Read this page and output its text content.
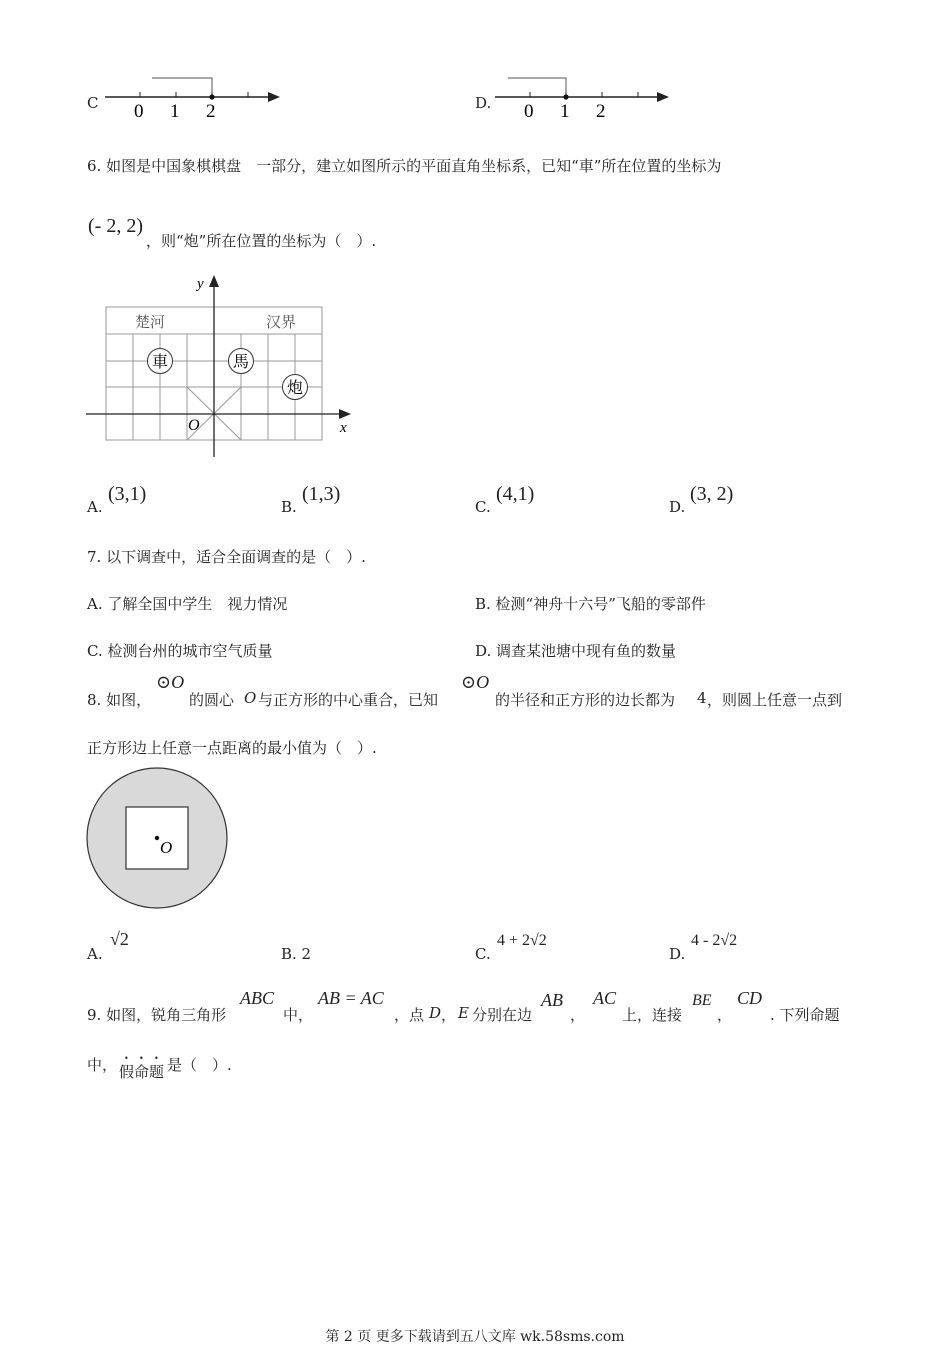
C 0 1 2	D. 0 1 2
6. 如图是中国象棋棋盘　一部分，建立如图所示的平面直角坐标系，已知“車”所在位置的坐标为
(- 2, 2)
，则“炮”所在位置的坐标为（　）.
楚河	汉界
y
x
O
車	馬
炮
A.
(3,1)
B.
(1,3)
C.
(4,1)
D.
(3, 2)
7. 以下调查中，适合全面调查的是（　）.
A. 了解全国中学生　视力情况	B. 检测“神舟十六号”飞船的零部件
C. 检测台州的城市空气质量	D. 调查某池塘中现有鱼的数量
8. 如图，
⊙O
的圆心 O 与正方形的中心重合，已知
⊙O
的半径和正方形的边长都为 4 ，则圆上任意一点到
正方形边上任意一点距离的最小值为（　）.
O
A.
√2
B. 2	C.
4 + 2√2
D.
4 - 2√2
9. 如图，锐角三角形
ABC
中，
AB = AC
，点 D ， E 分别在边
AB
，
AC
上，连接
BE
，
CD
. 下列命题
中， 假命题 是（　）.
第 2 页 更多下载请到五八文库 wk.58sms.com
